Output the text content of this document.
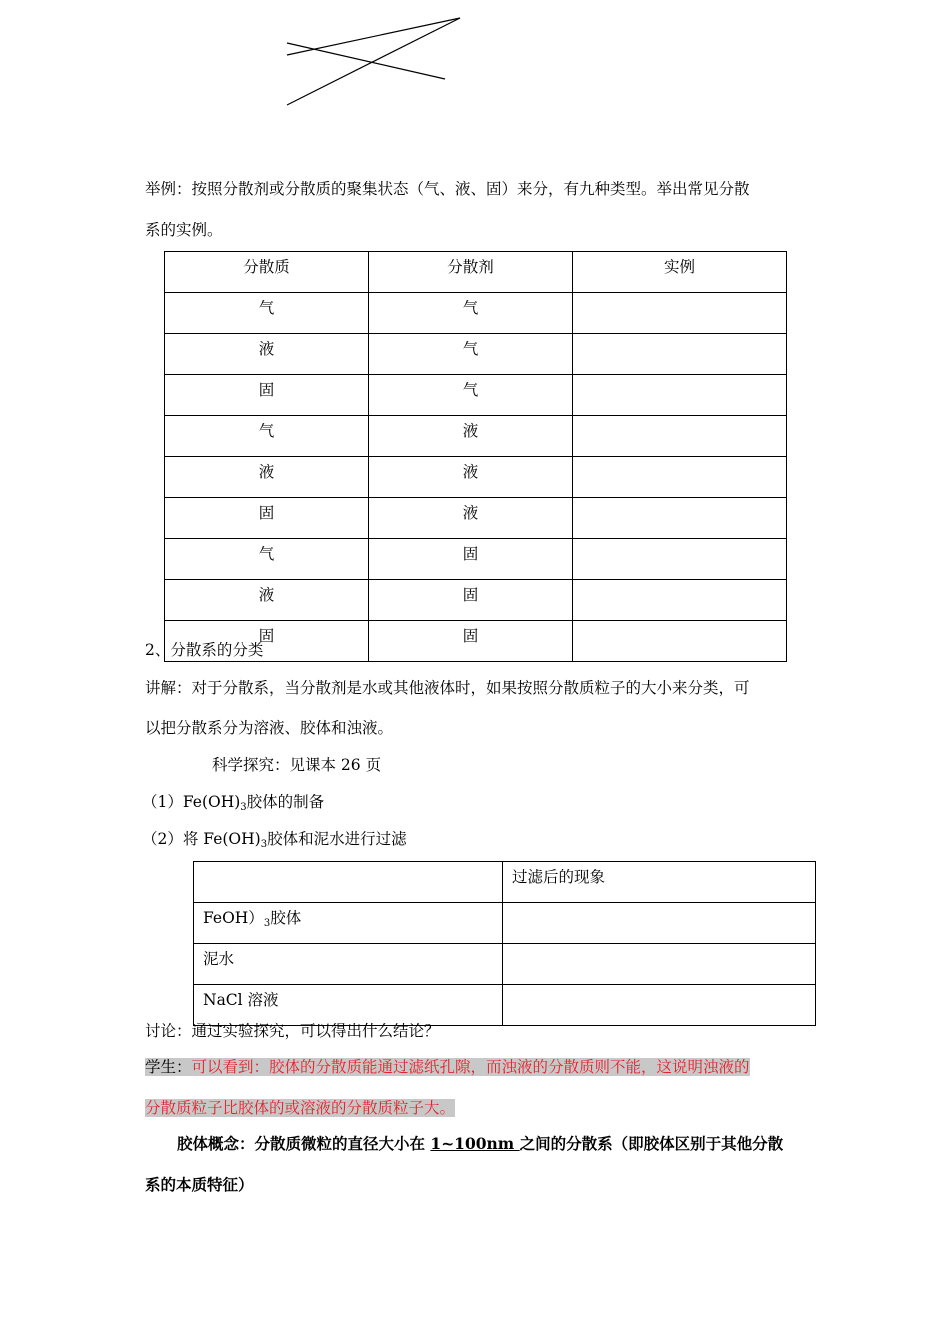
举例：按照分散剂或分散质的聚集状态（气、液、固）来分，有九种类型。举出常见分散
系的实例。
分散质	分散剂	实例
气	气	
液	气	
固	气	
气	液	
液	液	
固	液	
气	固	
液	固	
固	固	
2、分散系的分类
讲解：对于分散系，当分散剂是水或其他液体时，如果按照分散质粒子的大小来分类，可
以把分散系分为溶液、胶体和浊液。
科学探究：见课本 26 页
$(1)Fe(OH)_3$胶体的制备
（2）将 $Fe(OH)_3$胶体和泥水进行过滤
	过滤后的现象
$FeOH)_3$胶体	
泥水	
NaCl 溶液	
讨论：通过实验探究，可以得出什么结论？
学生：可以看到：胶体的分散质能通过滤纸孔隙，而浊液的分散质则不能，这说明浊液的
分散质粒子比胶体的或溶液的分散质粒子大。
胶体概念：分散质微粒的直径大小在 1~100nm 之间的分散系（即胶体区别于其他分散
系的本质特征）
